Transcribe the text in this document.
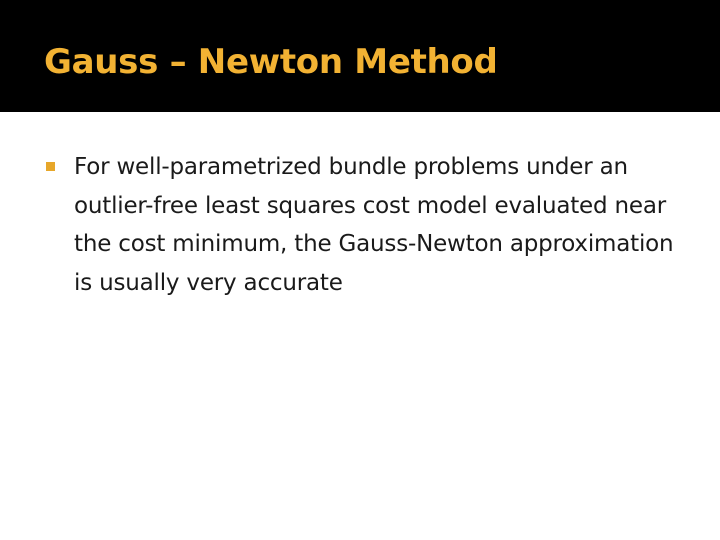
Gauss – Newton Method

For well-parametrized bundle problems under an outlier-free least squares cost model evaluated near the cost minimum, the Gauss-Newton approximation is usually very accurate
